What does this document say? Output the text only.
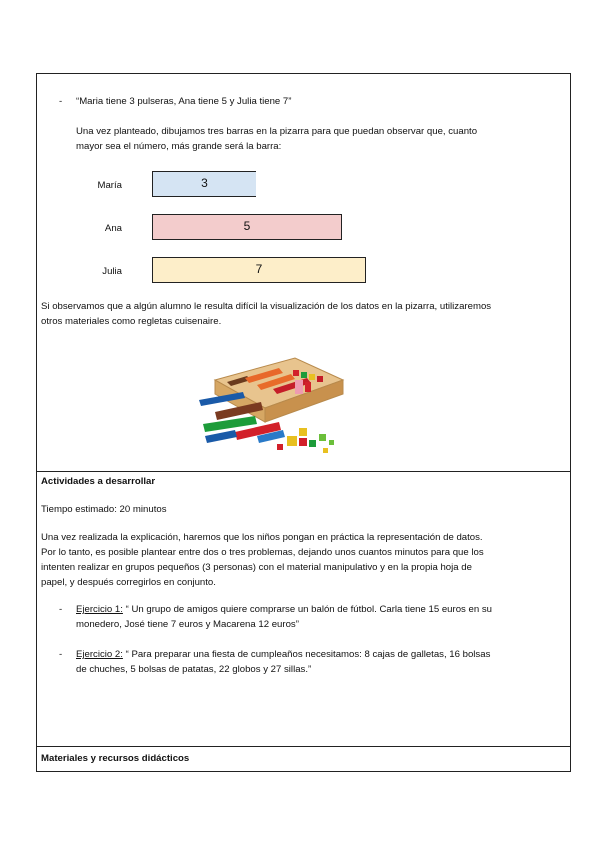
- “Maria tiene 3 pulseras, Ana tiene 5 y Julia tiene 7”
Una vez planteado, dibujamos tres barras en la pizarra para que puedan observar que, cuanto
mayor sea el número, más grande será la barra:
María	3
Ana	5
Julia	7
Si observamos que a algún alumno le resulta difícil la visualización de los datos en la pizarra, utilizaremos
otros materiales como regletas cuisenaire.
Actividades a desarrollar
Tiempo estimado: 20 minutos
Una vez realizada la explicación, haremos que los niños pongan en práctica la representación de datos.
Por lo tanto, es posible plantear entre dos o tres problemas, dejando unos cuantos minutos para que los
intenten realizar en grupos pequeños (3 personas) con el material manipulativo y en la propia hoja de
papel, y después corregirlos en conjunto.
- Ejercicio 1: “ Un grupo de amigos quiere comprarse un balón de fútbol. Carla tiene 15 euros en su
monedero, José tiene 7 euros y Macarena 12 euros”
- Ejercicio 2: “ Para preparar una fiesta de cumpleaños necesitamos: 8 cajas de galletas, 16 bolsas
de chuches, 5 bolsas de patatas, 22 globos y 27 sillas.”
Materiales y recursos didácticos
